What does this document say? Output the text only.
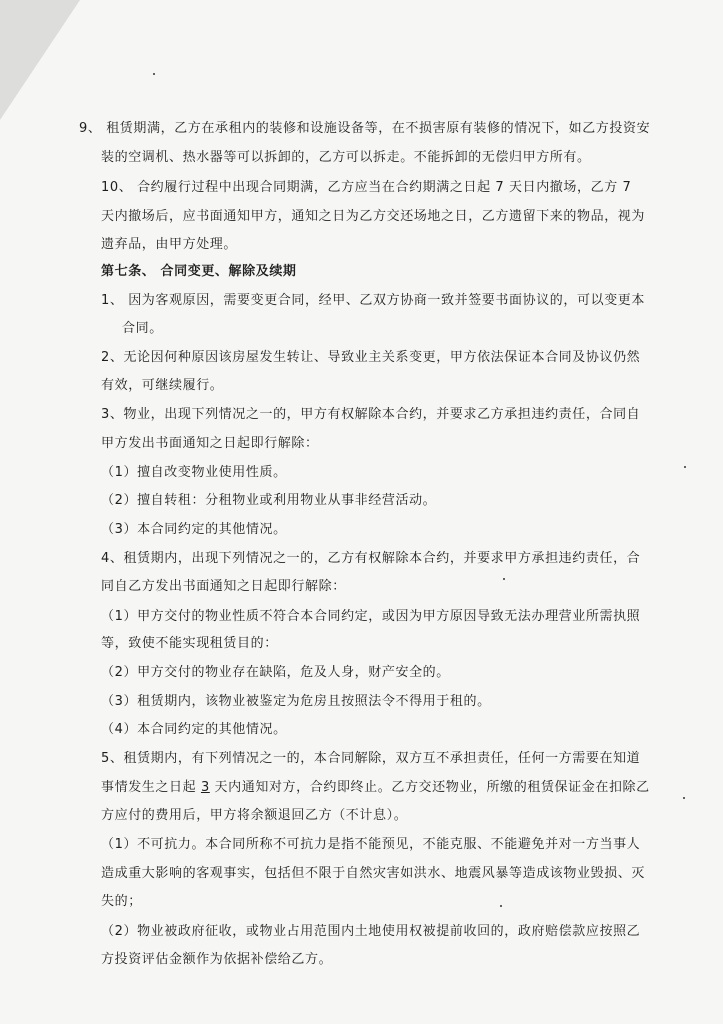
9、 租赁期满，乙方在承租内的装修和设施设备等，在不损害原有装修的情况下，如乙方投资安
装的空调机、热水器等可以拆卸的，乙方可以拆走。不能拆卸的无偿归甲方所有。
10、 合约履行过程中出现合同期满，乙方应当在合约期满之日起 7 天日内撤场，乙方 7
天内撤场后，应书面通知甲方，通知之日为乙方交还场地之日，乙方遗留下来的物品，视为
遗弃品，由甲方处理。
第七条、 合同变更、解除及续期
1、 因为客观原因，需要变更合同，经甲、乙双方协商一致并签要书面协议的，可以变更本
合同。
2、无论因何种原因该房屋发生转让、导致业主关系变更，甲方依法保证本合同及协议仍然
有效，可继续履行。
3、物业，出现下列情况之一的，甲方有权解除本合约，并要求乙方承担违约责任，合同自
甲方发出书面通知之日起即行解除：
（1）擅自改变物业使用性质。
（2）擅自转租：分租物业或利用物业从事非经营活动。
（3）本合同约定的其他情况。
4、租赁期内，出现下列情况之一的，乙方有权解除本合约，并要求甲方承担违约责任，合
同自乙方发出书面通知之日起即行解除：
（1）甲方交付的物业性质不符合本合同约定，或因为甲方原因导致无法办理营业所需执照
等，致使不能实现租赁目的：
（2）甲方交付的物业存在缺陷，危及人身，财产安全的。
（3）租赁期内，该物业被鉴定为危房且按照法令不得用于租的。
（4）本合同约定的其他情况。
5、租赁期内，有下列情况之一的，本合同解除，双方互不承担责任，任何一方需要在知道
事情发生之日起 3 天内通知对方，合约即终止。乙方交还物业，所缴的租赁保证金在扣除乙
方应付的费用后，甲方将余额退回乙方（不计息）。
（1）不可抗力。本合同所称不可抗力是指不能预见，不能克服、不能避免并对一方当事人
造成重大影响的客观事实，包括但不限于自然灾害如洪水、地震风暴等造成该物业毁损、灭
失的；
（2）物业被政府征收，或物业占用范围内土地使用权被提前收回的，政府赔偿款应按照乙
方投资评估金额作为依据补偿给乙方。
